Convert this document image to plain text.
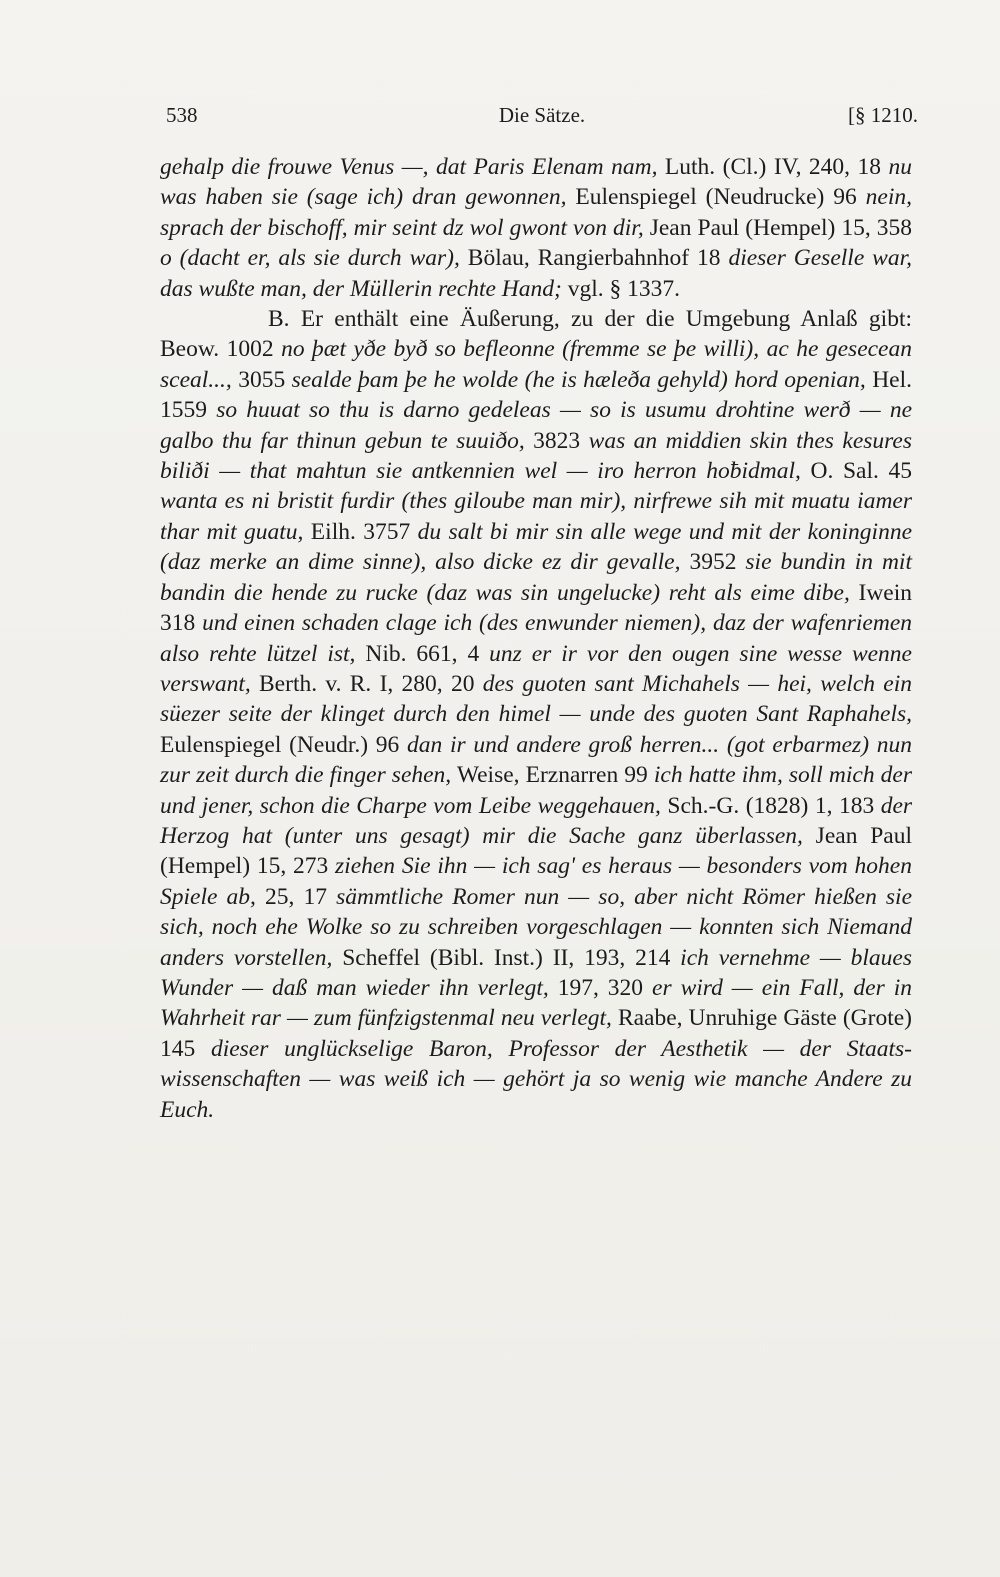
538	Die Sätze.	[§ 1210.

gehalp die frouwe Venus —, dat Paris Elenam nam, Luth. (Cl.) IV, 240, 18 nu was haben sie (sage ich) dran gewonnen, Eulenspiegel (Neudrucke) 96 nein, sprach der bischoff, mir seint dz wol gwont von dir, Jean Paul (Hempel) 15, 358 o (dacht er, als sie durch war), Bölau, Rangierbahnhof 18 dieser Geselle war, das wußte man, der Müllerin rechte Hand; vgl. § 1337.

B. Er enthält eine Äußerung, zu der die Umgebung Anlaß gibt: Beow. 1002 no þæt yðe byð so befleonne (fremme se þe willi), ac he gesecean sceal..., 3055 sealde þam þe he wolde (he is hæleða gehyld) hord openian, Hel. 1559 so huuat so thu is darno gedeleas — so is usumu drohtine werð — ne galbo thu far thinun gebun te suuiðo, 3823 was an middien skin thes kesures biliði — that mahtun sie antkennien wel — iro herron hoƀidmal, O. Sal. 45 wanta es ni bristit furdir (thes giloube man mir), nirfrewe sih mit muatu iamer thar mit guatu, Eilh. 3757 du salt bi mir sin alle wege und mit der koninginne (daz merke an dime sinne), also dicke ez dir gevalle, 3952 sie bundin in mit bandin die hende zu rucke (daz was sin ungelucke) reht als eime dibe, Iwein 318 und einen schaden clage ich (des enwunder niemen), daz der wafenriemen also rehte lützel ist, Nib. 661, 4 unz er ir vor den ougen sine wesse wenne verswant, Berth. v. R. I, 280, 20 des guoten sant Michahels — hei, welch ein süezer seite der klinget durch den himel — unde des guoten Sant Raphahels, Eulenspiegel (Neudr.) 96 dan ir und andere groß herren... (got erbarmez) nun zur zeit durch die finger sehen, Weise, Erznarren 99 ich hatte ihm, soll mich der und jener, schon die Charpe vom Leibe weggehauen, Sch.-G. (1828) 1, 183 der Herzog hat (unter uns gesagt) mir die Sache ganz überlassen, Jean Paul (Hempel) 15, 273 ziehen Sie ihn — ich sag' es heraus — besonders vom hohen Spiele ab, 25, 17 sämmtliche Romer nun — so, aber nicht Römer hießen sie sich, noch ehe Wolke so zu schreiben vorgeschlagen — konnten sich Niemand anders vorstellen, Scheffel (Bibl. Inst.) II, 193, 214 ich vernehme — blaues Wunder — daß man wieder ihn verlegt, 197, 320 er wird — ein Fall, der in Wahrheit rar — zum fünfzigstenmal neu verlegt, Raabe, Unruhige Gäste (Grote) 145 dieser unglückselige Baron, Professor der Aesthetik — der Staatswissenschaften — was weiß ich — gehört ja so wenig wie manche Andere zu Euch.
